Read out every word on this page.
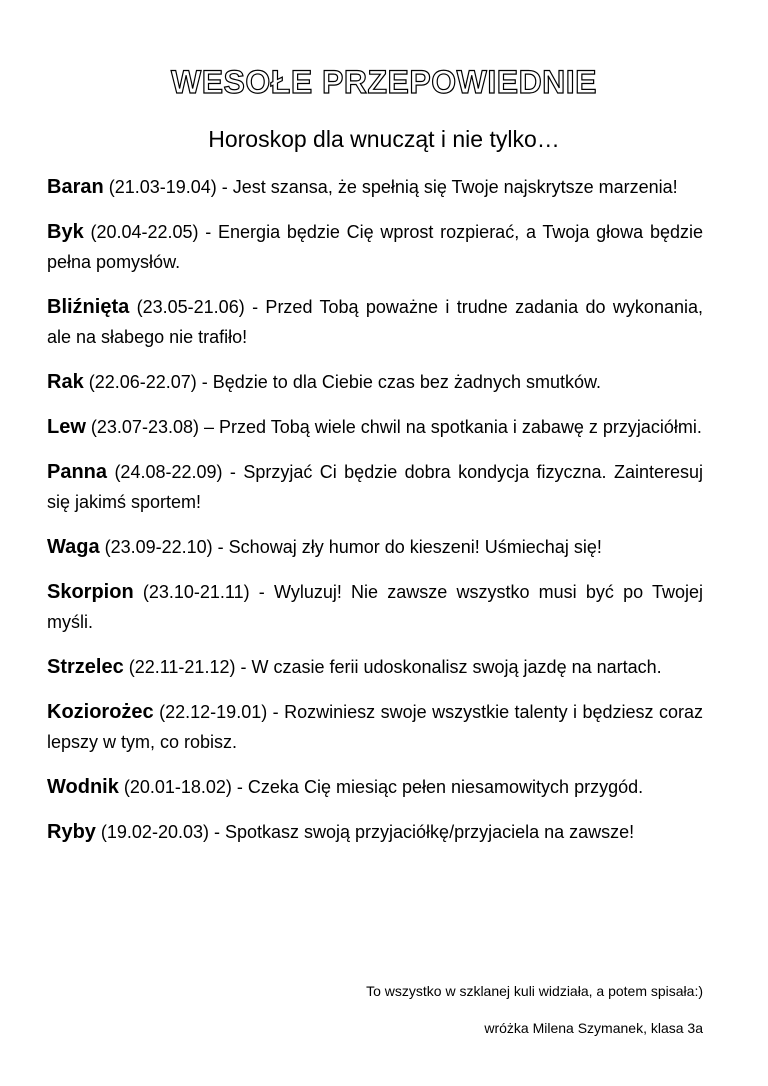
WESOŁE PRZEPOWIEDNIE

Horoskop dla wnucząt i nie tylko…

Baran (21.03-19.04) - Jest szansa, że spełnią się Twoje najskrytsze marzenia!

Byk (20.04-22.05) - Energia będzie Cię wprost rozpierać, a Twoja głowa będzie pełna pomysłów.

Bliźnięta (23.05-21.06) - Przed Tobą poważne i trudne zadania do wykonania, ale na słabego nie trafiło!

Rak (22.06-22.07) - Będzie to dla Ciebie czas bez żadnych smutków.

Lew (23.07-23.08) – Przed Tobą wiele chwil na spotkania i zabawę z przyjaciółmi.

Panna (24.08-22.09) - Sprzyjać Ci będzie dobra kondycja fizyczna. Zainteresuj się jakimś sportem!

Waga (23.09-22.10) - Schowaj zły humor do kieszeni! Uśmiechaj się!

Skorpion (23.10-21.11) - Wyluzuj! Nie zawsze wszystko musi być po Twojej myśli.

Strzelec (22.11-21.12) - W czasie ferii udoskonalisz swoją jazdę na nartach.

Koziorożec (22.12-19.01) - Rozwiniesz swoje wszystkie talenty i będziesz coraz lepszy w tym, co robisz.

Wodnik (20.01-18.02) - Czeka Cię miesiąc pełen niesamowitych przygód.

Ryby (19.02-20.03) - Spotkasz swoją przyjaciółkę/przyjaciela na zawsze!

To wszystko w szklanej kuli widziała, a potem spisała:)

wróżka Milena Szymanek, klasa 3a
